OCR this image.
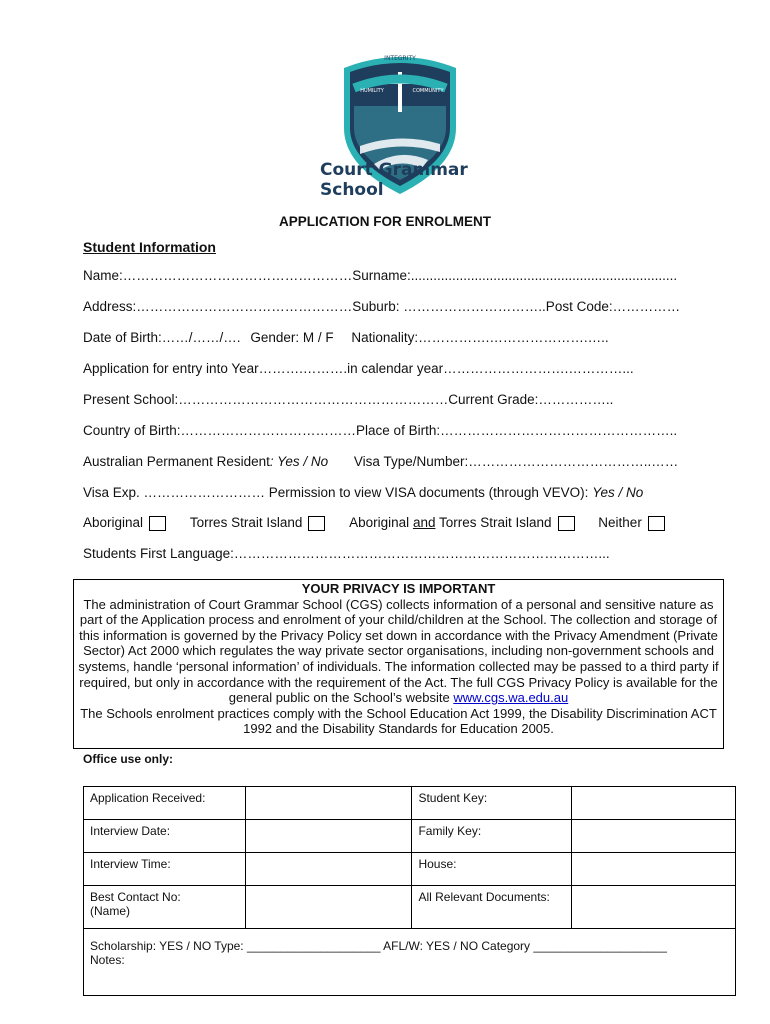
INTEGRITY
HUMILITY	COMMUNITY
Court Grammar
School
APPLICATION FOR ENROLMENT
Student Information
Name:……………………………………………Surname:.......................................................................
Address:…………………………………………Suburb: …………………………..Post Code:……………
Date of Birth:……/……/…. Gender: M / F Nationality:…………….………………….…..
Application for entry into Year……….……….in calendar year……………………….…………...
Present School:……………………………………………………Current Grade:……………..
Country of Birth:…………………………………Place of Birth:……………………………………………..
Australian Permanent Resident: Yes / No Visa Type/Number:…………………………………..……
Visa Exp. ……………………… Permission to view VISA documents (through VEVO): Yes / No
Aboriginal	Torres Strait Island	Aboriginal and Torres Strait Island	Neither
Students First Language:………………………………………………………………………...
YOUR PRIVACY IS IMPORTANT
The administration of Court Grammar School (CGS) collects information of a personal and sensitive nature as part of the Application process and enrolment of your child/children at the School. The collection and storage of this information is governed by the Privacy Policy set down in accordance with the Privacy Amendment (Private Sector) Act 2000 which regulates the way private sector organisations, including non-government schools and systems, handle ‘personal information’ of individuals. The information collected may be passed to a third party if required, but only in accordance with the requirement of the Act. The full CGS Privacy Policy is available for the general public on the School’s website www.cgs.wa.edu.au
The Schools enrolment practices comply with the School Education Act 1999, the Disability Discrimination ACT 1992 and the Disability Standards for Education 2005.
Office use only:
Application Received:		Student Key:	
Interview Date:		Family Key:	
Interview Time:		House:	

Best Contact No:
(Name)		All Relevant Documents:	

Scholarship: YES / NO Type: ____________________ AFL/W: YES / NO Category ____________________
Notes:			
